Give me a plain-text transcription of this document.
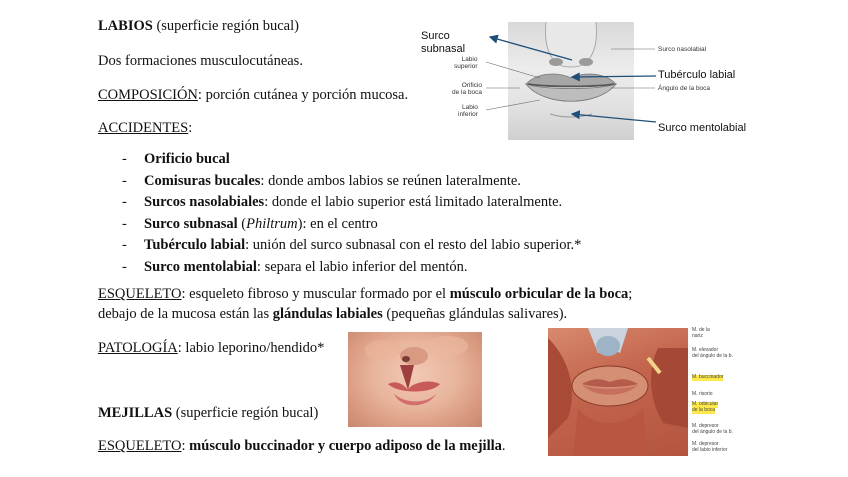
LABIOS (superficie región bucal)
Dos formaciones musculocutáneas.
COMPOSICIÓN: porción cutánea y porción mucosa.
ACCIDENTES:
- Orificio bucal
- Comisuras bucales: donde ambos labios se reúnen lateralmente.
- Surcos nasolabiales: donde el labio superior está limitado lateralmente.
- Surco subnasal (Philtrum): en el centro
- Tubérculo labial: unión del surco subnasal con el resto del labio superior.*
- Surco mentolabial: separa el labio inferior del mentón.
ESQUELETO: esqueleto fibroso y muscular formado por el músculo orbicular de la boca;
debajo de la mucosa están las glándulas labiales (pequeñas glándulas salivares).
PATOLOGÍA: labio leporino/hendido*
MEJILLAS (superficie región bucal)
ESQUELETO: músculo buccinador y cuerpo adiposo de la mejilla.
Labio
superior
Orificio
de la boca
Labio
inferior
Surco nasolabial
Ángulo de la boca
Surco
subnasal
Tubérculo labial
Surco mentolabial
M. de la
nariz
M. elevador
del ángulo de la b.
M. buccinador
M. risorio
M. orbicular
de la boca
M. depresor
del ángulo de la b.
M. depresor
del labio inferior
